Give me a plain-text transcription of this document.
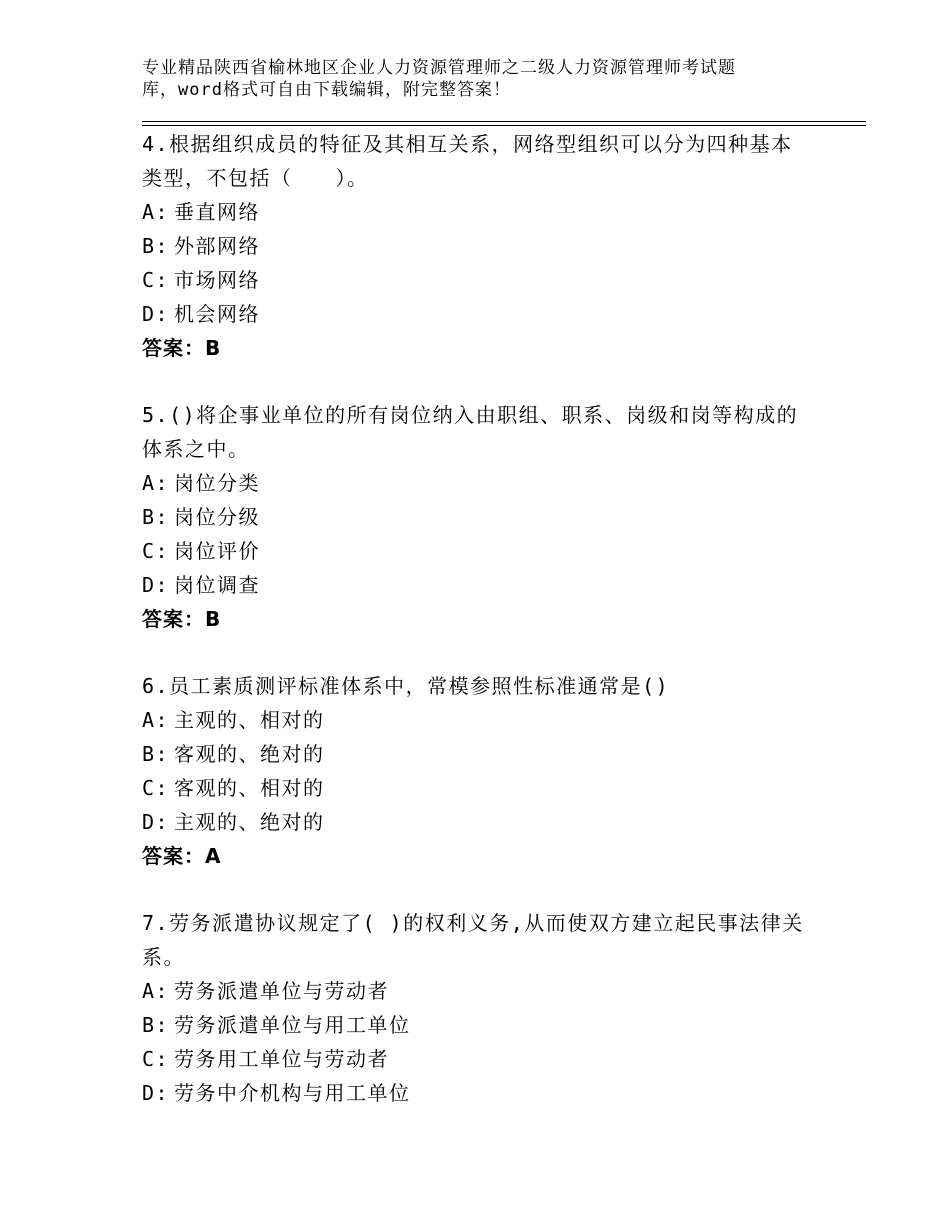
专业精品陕西省榆林地区企业人力资源管理师之二级人力资源管理师考试题
库，word格式可自由下载编辑，附完整答案！
4.根据组织成员的特征及其相互关系，网络型组织可以分为四种基本
类型，不包括（　　）。
A: 垂直网络
B: 外部网络
C: 市场网络
D: 机会网络
答案：B
5.()将企事业单位的所有岗位纳入由职组、职系、岗级和岗等构成的
体系之中。
A: 岗位分类
B: 岗位分级
C: 岗位评价
D: 岗位调查
答案：B
6.员工素质测评标准体系中，常模参照性标准通常是()
A: 主观的、相对的
B: 客观的、绝对的
C: 客观的、相对的
D: 主观的、绝对的
答案：A
7.劳务派遣协议规定了( )的权利义务,从而使双方建立起民事法律关
系。
A: 劳务派遣单位与劳动者
B: 劳务派遣单位与用工单位
C: 劳务用工单位与劳动者
D: 劳务中介机构与用工单位
